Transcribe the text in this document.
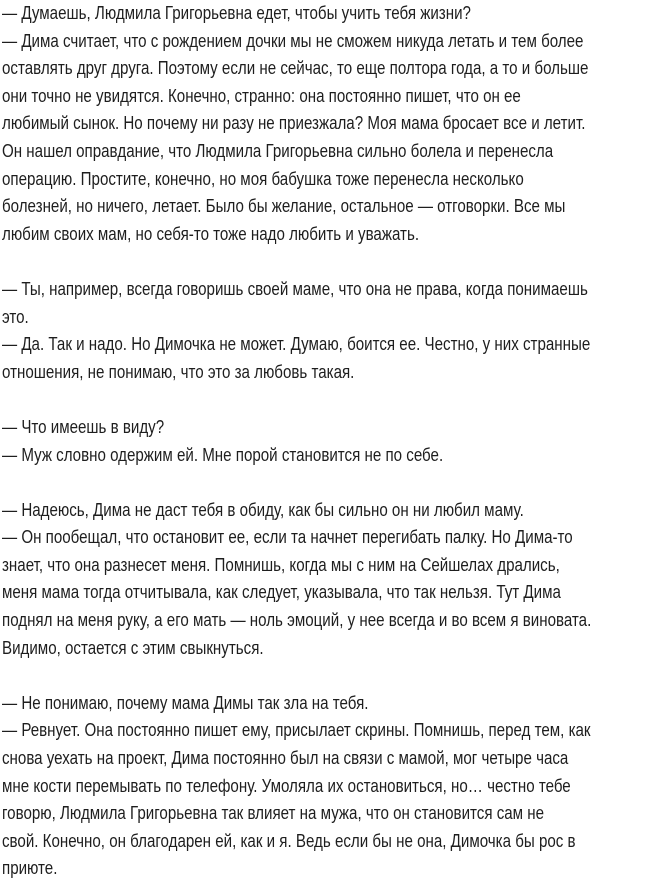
— Думаешь, Людмила Григорьевна едет, чтобы учить тебя жизни?
— Дима считает, что с рождением дочки мы не сможем никуда летать и тем более
оставлять друг друга. Поэтому если не сейчас, то еще полтора года, а то и больше
они точно не увидятся. Конечно, странно: она постоянно пишет, что он ее
любимый сынок. Но почему ни разу не приезжала? Моя мама бросает все и летит.
Он нашел оправдание, что Людмила Григорьевна сильно болела и перенесла
операцию. Простите, конечно, но моя бабушка тоже перенесла несколько
болезней, но ничего, летает. Было бы желание, остальное — отговорки. Все мы
любим своих мам, но себя-то тоже надо любить и уважать.
— Ты, например, всегда говоришь своей маме, что она не права, когда понимаешь
это.
— Да. Так и надо. Но Димочка не может. Думаю, боится ее. Честно, у них странные
отношения, не понимаю, что это за любовь такая.
— Что имеешь в виду?
— Муж словно одержим ей. Мне порой становится не по себе.
— Надеюсь, Дима не даст тебя в обиду, как бы сильно он ни любил маму.
— Он пообещал, что остановит ее, если та начнет перегибать палку. Но Дима-то
знает, что она разнесет меня. Помнишь, когда мы с ним на Сейшелах дрались,
меня мама тогда отчитывала, как следует, указывала, что так нельзя. Тут Дима
поднял на меня руку, а его мать — ноль эмоций, у нее всегда и во всем я виновата.
Видимо, остается с этим свыкнуться.
— Не понимаю, почему мама Димы так зла на тебя.
— Ревнует. Она постоянно пишет ему, присылает скрины. Помнишь, перед тем, как
снова уехать на проект, Дима постоянно был на связи с мамой, мог четыре часа
мне кости перемывать по телефону. Умоляла их остановиться, но… честно тебе
говорю, Людмила Григорьевна так влияет на мужа, что он становится сам не
свой. Конечно, он благодарен ей, как и я. Ведь если бы не она, Димочка бы рос в
приюте.
